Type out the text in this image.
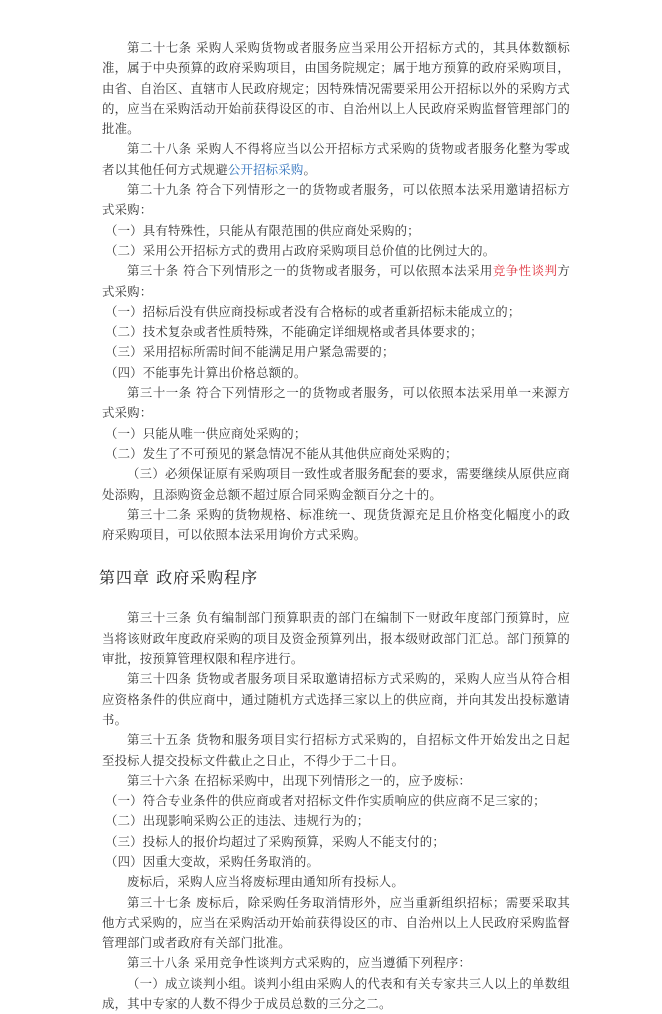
第二十七条 采购人采购货物或者服务应当采用公开招标方式的，其具体数额标准，属于中央预算的政府采购项目，由国务院规定；属于地方预算的政府采购项目，由省、自治区、直辖市人民政府规定；因特殊情况需要采用公开招标以外的采购方式的，应当在采购活动开始前获得设区的市、自治州以上人民政府采购监督管理部门的批准。

第二十八条 采购人不得将应当以公开招标方式采购的货物或者服务化整为零或者以其他任何方式规避公开招标采购。

第二十九条 符合下列情形之一的货物或者服务，可以依照本法采用邀请招标方式采购：

（一）具有特殊性，只能从有限范围的供应商处采购的；

（二）采用公开招标方式的费用占政府采购项目总价值的比例过大的。

第三十条 符合下列情形之一的货物或者服务，可以依照本法采用竞争性谈判方式采购：

（一）招标后没有供应商投标或者没有合格标的或者重新招标未能成立的；

（二）技术复杂或者性质特殊，不能确定详细规格或者具体要求的；

（三）采用招标所需时间不能满足用户紧急需要的；

（四）不能事先计算出价格总额的。

第三十一条 符合下列情形之一的货物或者服务，可以依照本法采用单一来源方式采购：

（一）只能从唯一供应商处采购的；

（二）发生了不可预见的紧急情况不能从其他供应商处采购的；

（三）必须保证原有采购项目一致性或者服务配套的要求，需要继续从原供应商处添购，且添购资金总额不超过原合同采购金额百分之十的。

第三十二条 采购的货物规格、标准统一、现货货源充足且价格变化幅度小的政府采购项目，可以依照本法采用询价方式采购。

第四章 政府采购程序

第三十三条 负有编制部门预算职责的部门在编制下一财政年度部门预算时，应当将该财政年度政府采购的项目及资金预算列出，报本级财政部门汇总。部门预算的审批，按预算管理权限和程序进行。

第三十四条 货物或者服务项目采取邀请招标方式采购的，采购人应当从符合相应资格条件的供应商中，通过随机方式选择三家以上的供应商，并向其发出投标邀请书。

第三十五条 货物和服务项目实行招标方式采购的，自招标文件开始发出之日起至投标人提交投标文件截止之日止，不得少于二十日。

第三十六条 在招标采购中，出现下列情形之一的，应予废标：

（一）符合专业条件的供应商或者对招标文件作实质响应的供应商不足三家的；

（二）出现影响采购公正的违法、违规行为的；

（三）投标人的报价均超过了采购预算，采购人不能支付的；

（四）因重大变故，采购任务取消的。

废标后，采购人应当将废标理由通知所有投标人。

第三十七条 废标后，除采购任务取消情形外，应当重新组织招标；需要采取其他方式采购的，应当在采购活动开始前获得设区的市、自治州以上人民政府采购监督管理部门或者政府有关部门批准。

第三十八条 采用竞争性谈判方式采购的，应当遵循下列程序：

（一）成立谈判小组。谈判小组由采购人的代表和有关专家共三人以上的单数组成，其中专家的人数不得少于成员总数的三分之二。
